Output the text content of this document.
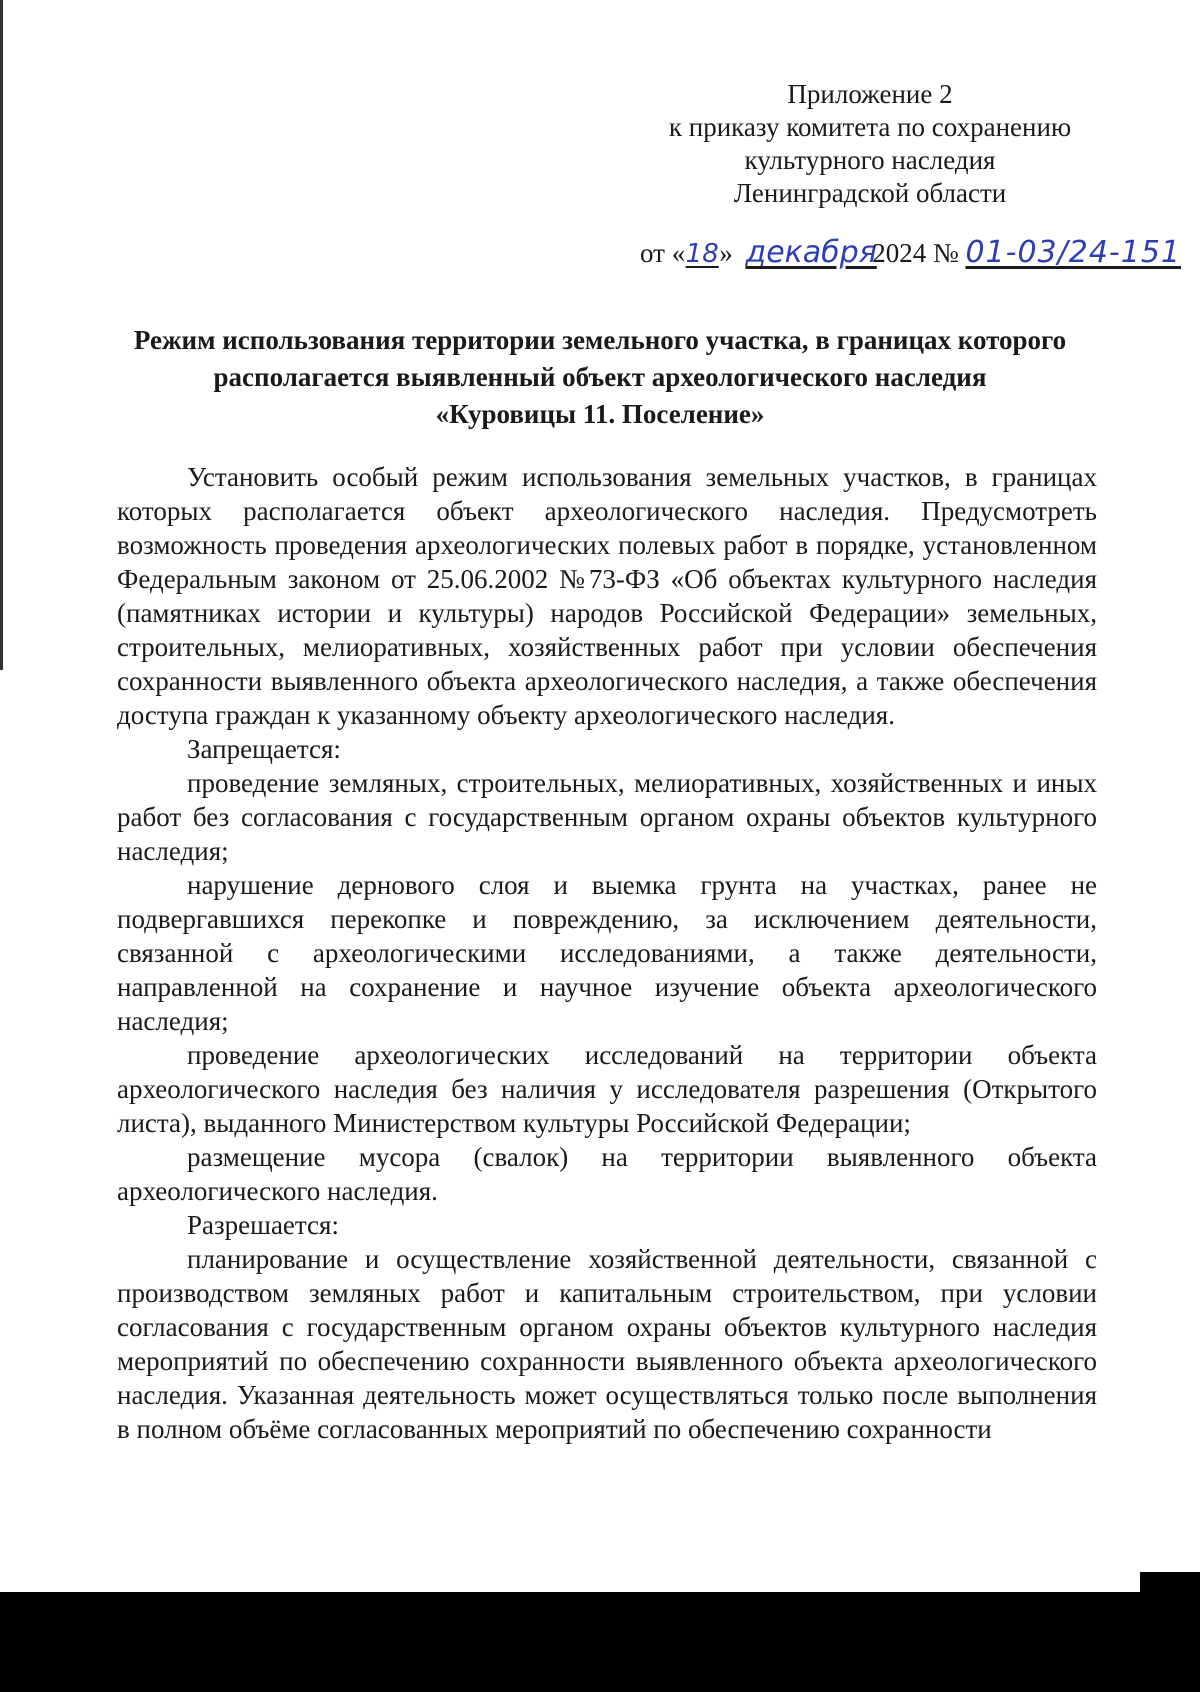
Приложение 2
к приказу комитета по сохранению
культурного наследия
Ленинградской области
от «18» декабря 2024 № 01-03/24-151
Режим использования территории земельного участка, в границах которого
располагается выявленный объект археологического наследия
«Куровицы 11. Поселение»

Установить особый режим использования земельных участков, в границах которых располагается объект археологического наследия. Предусмотреть возможность проведения археологических полевых работ в порядке, установленном Федеральным законом от 25.06.2002 №73-ФЗ «Об объектах культурного наследия (памятниках истории и культуры) народов Российской Федерации» земельных, строительных, мелиоративных, хозяйственных работ при условии обеспечения сохранности выявленного объекта археологического наследия, а также обеспечения доступа граждан к указанному объекту археологического наследия.

Запрещается:

проведение земляных, строительных, мелиоративных, хозяйственных и иных работ без согласования с государственным органом охраны объектов культурного наследия;

нарушение дернового слоя и выемка грунта на участках, ранее не подвергавшихся перекопке и повреждению, за исключением деятельности, связанной с археологическими исследованиями, а также деятельности, направленной на сохранение и научное изучение объекта археологического наследия;

проведение археологических исследований на территории объекта археологического наследия без наличия у исследователя разрешения (Открытого листа), выданного Министерством культуры Российской Федерации;

размещение мусора (свалок) на территории выявленного объекта археологического наследия.

Разрешается:

планирование и осуществление хозяйственной деятельности, связанной с производством земляных работ и капитальным строительством, при условии согласования с государственным органом охраны объектов культурного наследия мероприятий по обеспечению сохранности выявленного объекта археологического наследия. Указанная деятельность может осуществляться только после выполнения в полном объёме согласованных мероприятий по обеспечению сохранности
